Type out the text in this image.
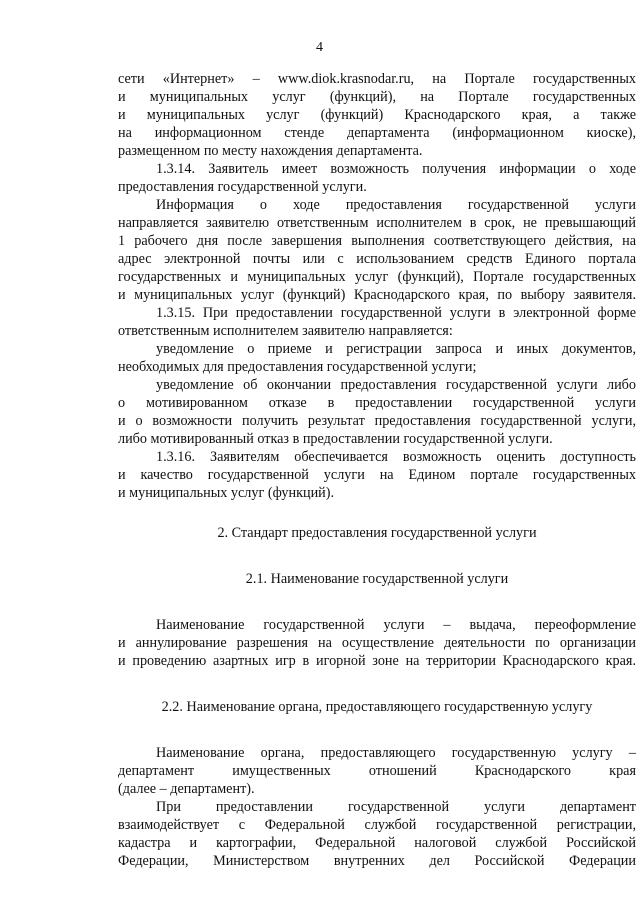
4
сети «Интернет» – www.diok.krasnodar.ru, на Портале государственных
и муниципальных услуг (функций), на Портале государственных
и муниципальных услуг (функций) Краснодарского края, а также
на информационном стенде департамента (информационном киоске),
размещенном по месту нахождения департамента.
1.3.14. Заявитель имеет возможность получения информации о ходе
предоставления государственной услуги.
Информация о ходе предоставления государственной услуги
направляется заявителю ответственным исполнителем в срок, не превышающий
1 рабочего дня после завершения выполнения соответствующего действия, на
адрес электронной почты или с использованием средств Единого портала
государственных и муниципальных услуг (функций), Портале государственных
и муниципальных услуг (функций) Краснодарского края, по выбору заявителя.
1.3.15. При предоставлении государственной услуги в электронной форме
ответственным исполнителем заявителю направляется:
уведомление о приеме и регистрации запроса и иных документов,
необходимых для предоставления государственной услуги;
уведомление об окончании предоставления государственной услуги либо
о мотивированном отказе в предоставлении государственной услуги
и о возможности получить результат предоставления государственной услуги,
либо мотивированный отказ в предоставлении государственной услуги.
1.3.16. Заявителям обеспечивается возможность оценить доступность
и качество государственной услуги на Едином портале государственных
и муниципальных услуг (функций).
2. Стандарт предоставления государственной услуги
2.1. Наименование государственной услуги
Наименование государственной услуги – выдача, переоформление
и аннулирование разрешения на осуществление деятельности по организации
и проведению азартных игр в игорной зоне на территории Краснодарского края.
2.2. Наименование органа, предоставляющего государственную услугу
Наименование органа, предоставляющего государственную услугу –
департамент имущественных отношений Краснодарского края
(далее – департамент).
При предоставлении государственной услуги департамент
взаимодействует с Федеральной службой государственной регистрации,
кадастра и картографии, Федеральной налоговой службой Российской
Федерации, Министерством внутренних дел Российской Федерации
